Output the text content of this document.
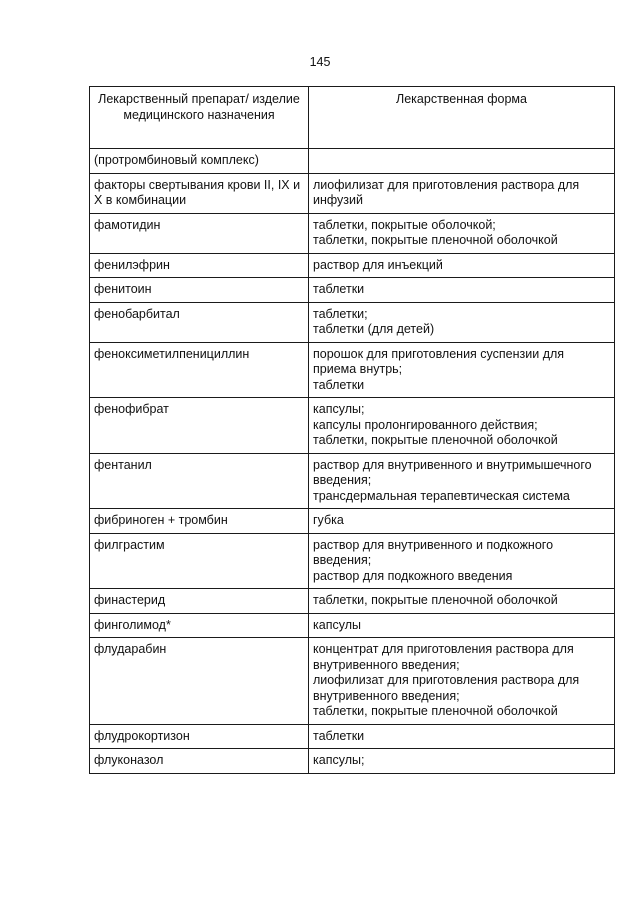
145
Лекарственный препарат/ изделие медицинского назначения	Лекарственная форма
(протромбиновый комплекс)	
факторы свертывания крови II, IX и X в комбинации	лиофилизат для приготовления раствора для инфузий
фамотидин	таблетки, покрытые оболочкой;
таблетки, покрытые пленочной оболочкой
фенилэфрин	раствор для инъекций
фенитоин	таблетки
фенобарбитал	таблетки;
таблетки (для детей)
феноксиметилпенициллин	порошок для приготовления суспензии для приема внутрь;
таблетки
фенофибрат	капсулы;
капсулы пролонгированного действия;
таблетки, покрытые пленочной оболочкой
фентанил	раствор для внутривенного и внутримышечного введения;
трансдермальная терапевтическая система
фибриноген + тромбин	губка
филграстим	раствор для внутривенного и подкожного введения;
раствор для подкожного введения
финастерид	таблетки, покрытые пленочной оболочкой
финголимод*	капсулы
флударабин	концентрат для приготовления раствора для внутривенного введения;
лиофилизат для приготовления раствора для внутривенного введения;
таблетки, покрытые пленочной оболочкой
флудрокортизон	таблетки
флуконазол	капсулы;
